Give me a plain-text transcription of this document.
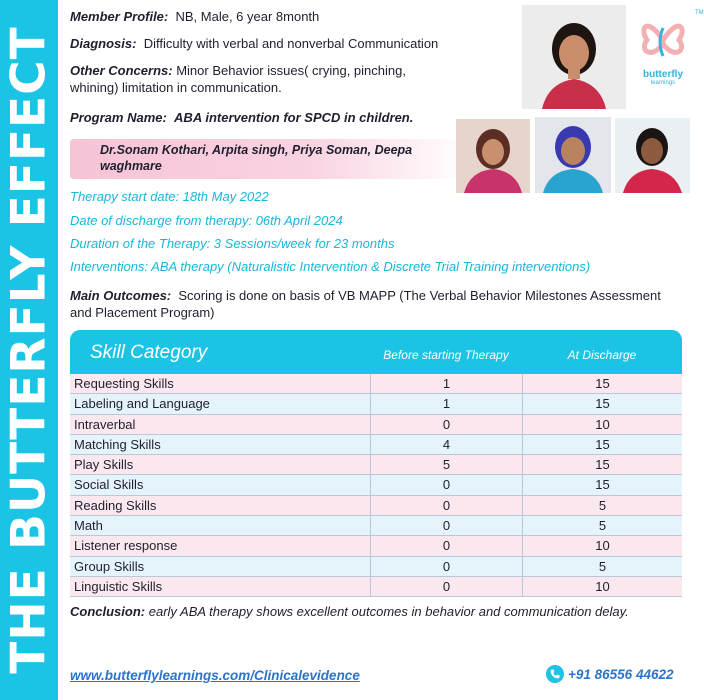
THE BUTTERFLY EFFECT
Member Profile: NB, Male, 6 year 8month
Diagnosis: Difficulty with verbal and nonverbal Communication
Other Concerns: Minor Behavior issues( crying, pinching,
whining) limitation in communication.
Program Name: ABA intervention for SPCD in children.
Dr.Sonam Kothari, Arpita singh, Priya Soman, Deepa waghmare
butterfly
learnings
TM
Therapy start date: 18th May 2022
Date of discharge from therapy: 06th April 2024
Duration of the Therapy: 3 Sessions/week for 23 months
Interventions: ABA therapy (Naturalistic Intervention & Discrete Trial Training interventions)
Main Outcomes: Scoring is done on basis of VB MAPP (The Verbal Behavior Milestones Assessment
and Placement Program)
Skill Category	Before starting Therapy	At Discharge
Requesting Skills	1	15
Labeling and Language	1	15
Intraverbal	0	10
Matching Skills	4	15
Play Skills	5	15
Social Skills	0	15
Reading Skills	0	5
Math	0	5
Listener response	0	10
Group Skills	0	5
Linguistic Skills	0	10
Conclusion: early ABA therapy shows excellent outcomes in behavior and communication delay.
www.butterflylearnings.com/Clinicalevidence	+91 86556 44622
